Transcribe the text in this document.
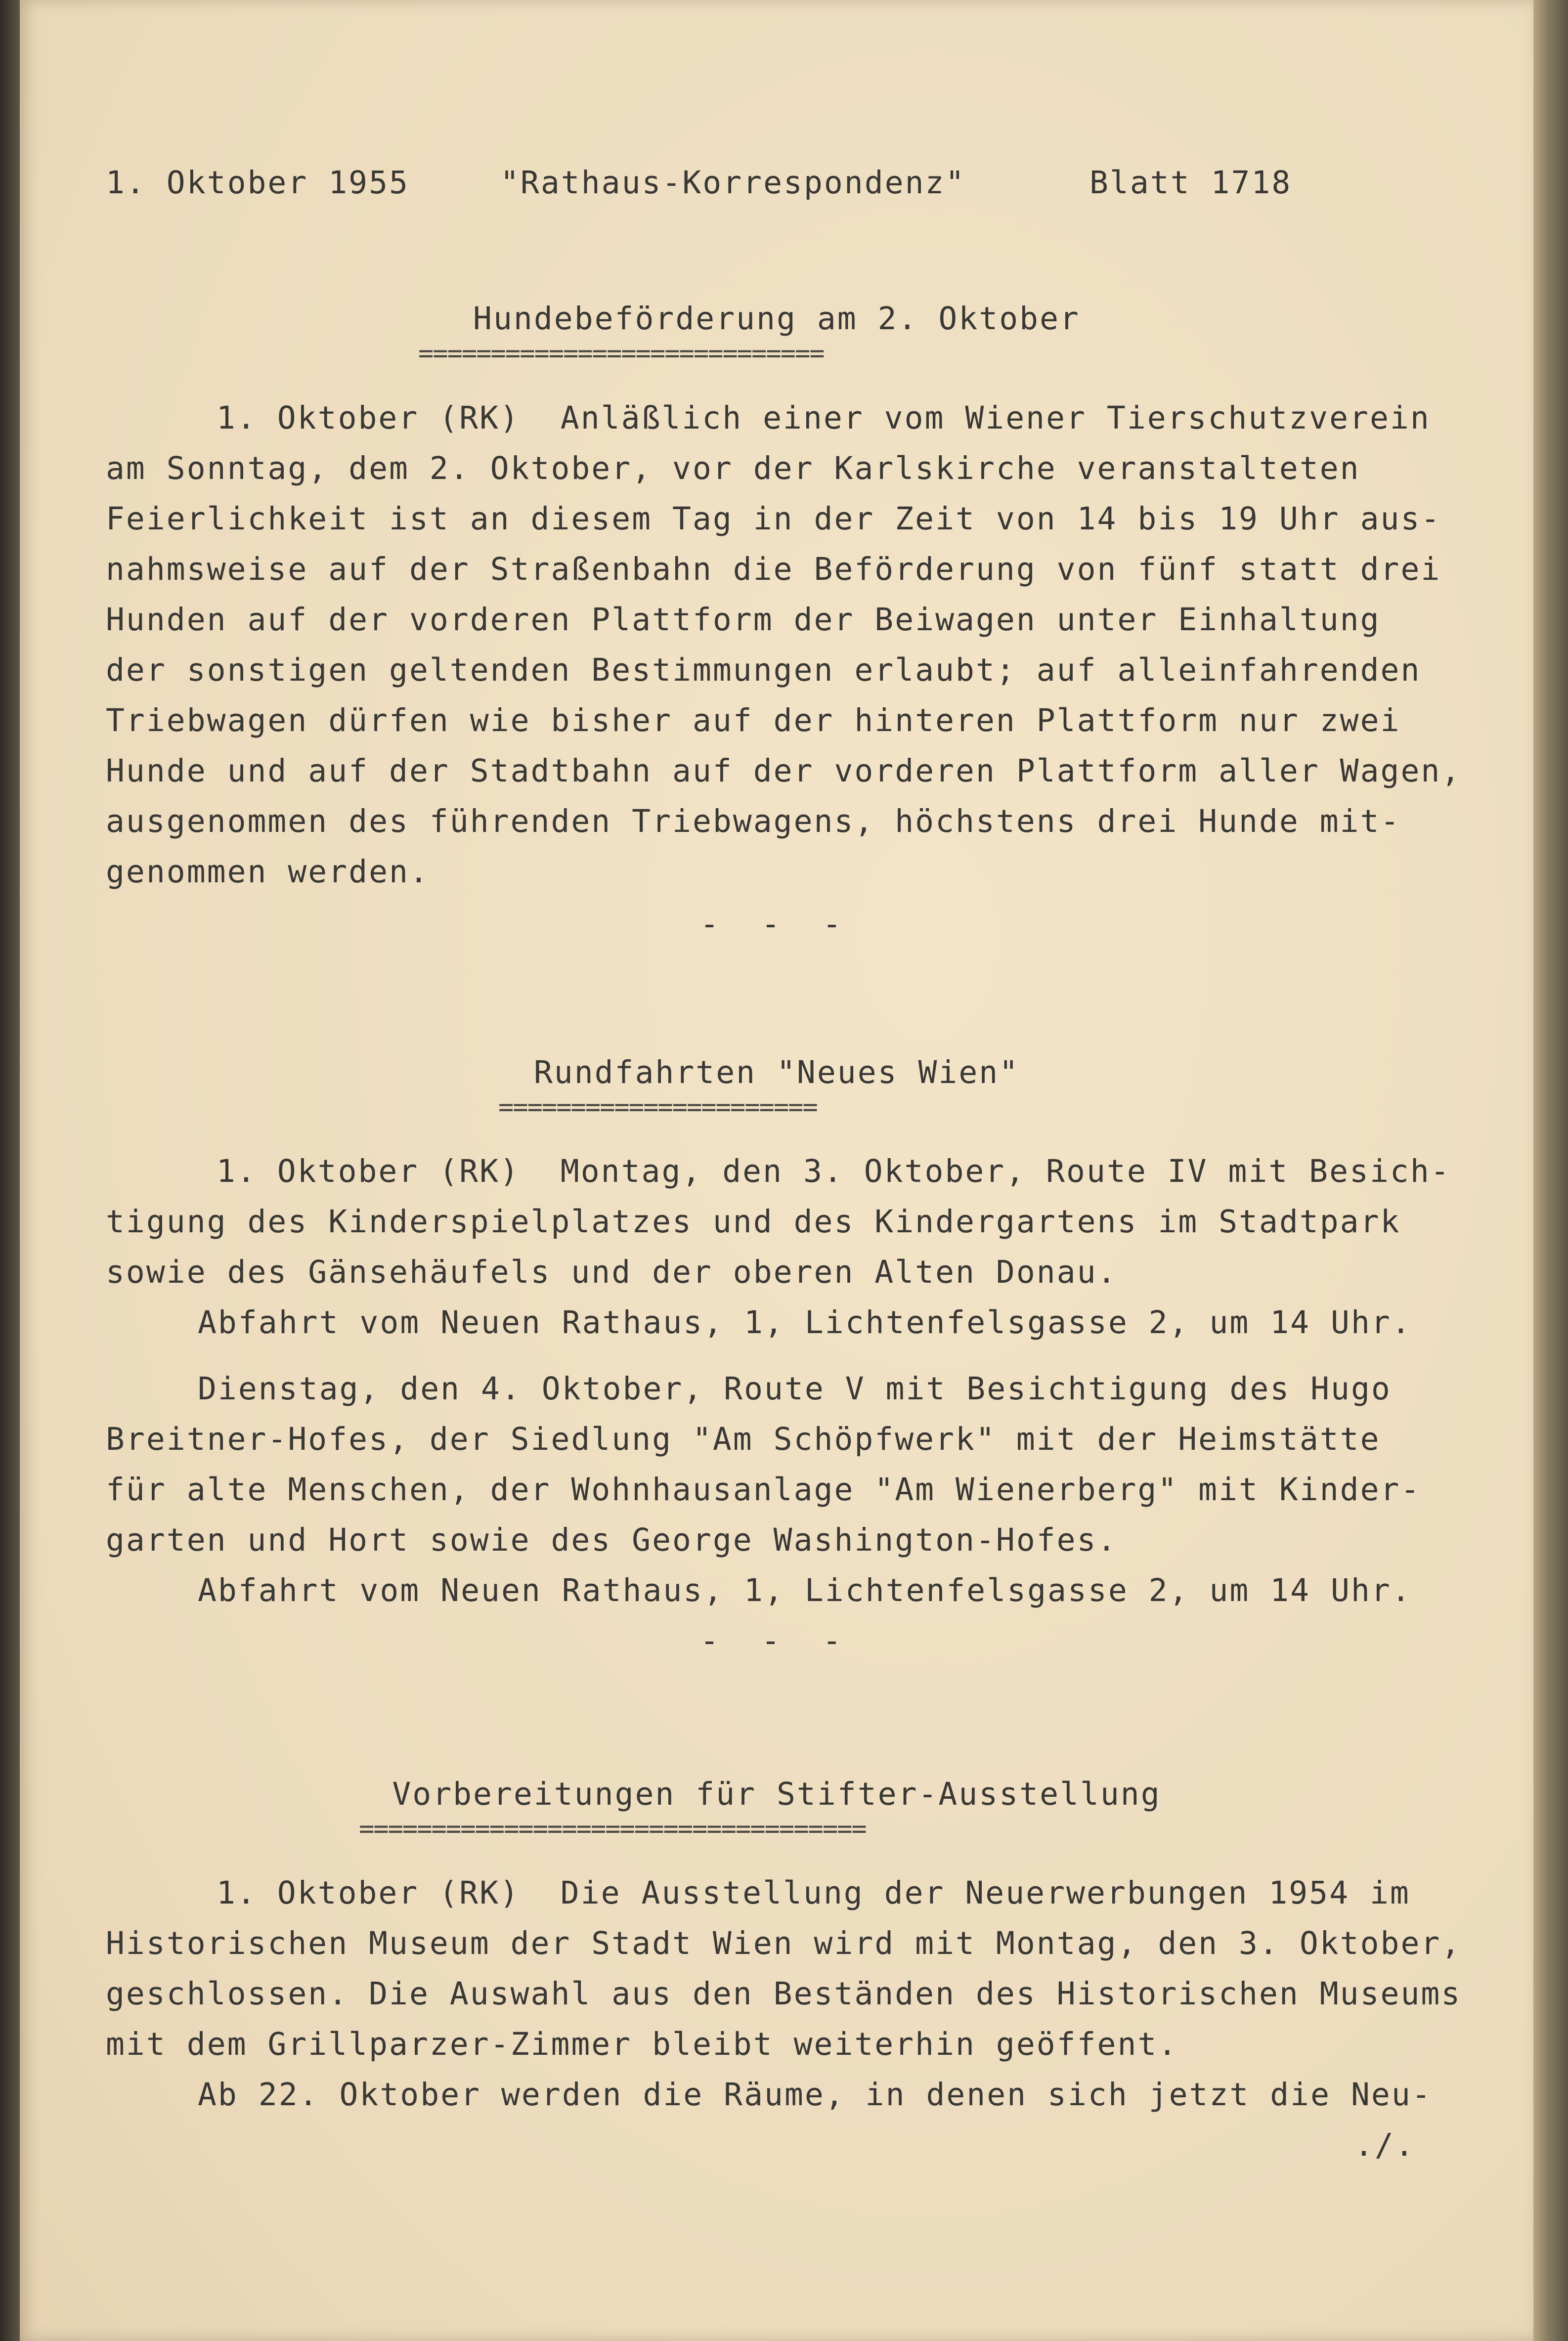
1. Oktober 1955	"Rathaus-Korrespondenz"	Blatt 1718
Hundebeförderung am 2. Oktober
============================
1. Oktober (RK)  Anläßlich einer vom Wiener Tierschutzverein
am Sonntag, dem 2. Oktober, vor der Karlskirche veranstalteten
Feierlichkeit ist an diesem Tag in der Zeit von 14 bis 19 Uhr aus-
nahmsweise auf der Straßenbahn die Beförderung von fünf statt drei
Hunden auf der vorderen Plattform der Beiwagen unter Einhaltung
der sonstigen geltenden Bestimmungen erlaubt; auf alleinfahrenden
Triebwagen dürfen wie bisher auf der hinteren Plattform nur zwei
Hunde und auf der Stadtbahn auf der vorderen Plattform aller Wagen,
ausgenommen des führenden Triebwagens, höchstens drei Hunde mit-
genommen werden.
- - -
Rundfahrten "Neues Wien"
======================
1. Oktober (RK)  Montag, den 3. Oktober, Route IV mit Besich-
tigung des Kinderspielplatzes und des Kindergartens im Stadtpark
sowie des Gänsehäufels und der oberen Alten Donau.
Abfahrt vom Neuen Rathaus, 1, Lichtenfelsgasse 2, um 14 Uhr.
Dienstag, den 4. Oktober, Route V mit Besichtigung des Hugo
Breitner-Hofes, der Siedlung "Am Schöpfwerk" mit der Heimstätte
für alte Menschen, der Wohnhausanlage "Am Wienerberg" mit Kinder-
garten und Hort sowie des George Washington-Hofes.
Abfahrt vom Neuen Rathaus, 1, Lichtenfelsgasse 2, um 14 Uhr.
- - -
Vorbereitungen für Stifter-Ausstellung
===================================
1. Oktober (RK)  Die Ausstellung der Neuerwerbungen 1954 im
Historischen Museum der Stadt Wien wird mit Montag, den 3. Oktober,
geschlossen. Die Auswahl aus den Beständen des Historischen Museums
mit dem Grillparzer-Zimmer bleibt weiterhin geöffent.
Ab 22. Oktober werden die Räume, in denen sich jetzt die Neu-
./.
